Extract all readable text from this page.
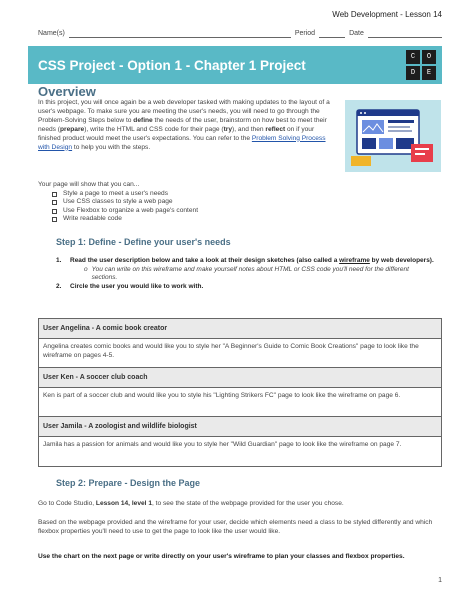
Web Development - Lesson 14
Name(s)	Period	Date
CSS Project - Option 1 - Chapter 1 Project
C	O
D	E
Overview

In this project, you will once again be a web developer tasked with making updates to the layout of a user's webpage. To make sure you are meeting the user's needs, you will need to go through the Problem-Solving Steps below to define the needs of the user, brainstorm on how best to meet their needs (prepare), write the HTML and CSS code for their page (try), and then reflect on if your finished product would meet the user's expectations. You can refer to the Problem Solving Process with Design to help you with the steps.

Your page will show that you can...
Style a page to meet a user's needs
Use CSS classes to style a web page
Use Flexbox to organize a web page's content
Write readable code
Step 1: Define - Define your user's needs
1.	Read the user description below and take a look at their design sketches (also called a wireframe by web developers).
o You can write on this wireframe and make yourself notes about HTML or CSS code you'll need for the different sections.
2.	Circle the user you would like to work with.
User Angelina - A comic book creator
Angelina creates comic books and would like you to style her "A Beginner's Guide to Comic Book Creations" page to look like the wireframe on pages 4-5.
User Ken - A soccer club coach
Ken is part of a soccer club and would like you to style his "Lighting Strikers FC" page to look like the wireframe on page 6.
User Jamila - A zoologist and wildlife biologist
Jamila has a passion for animals and would like you to style her "Wild Guardian" page to look like the wireframe on page 7.
Step 2: Prepare - Design the Page

Go to Code Studio, Lesson 14, level 1, to see the state of the webpage provided for the user you chose.

Based on the webpage provided and the wireframe for your user, decide which elements need a class to be styled differently and which flexbox properties you'll need to use to get the page to look like the user would like.

Use the chart on the next page or write directly on your user's wireframe to plan your classes and flexbox properties.

1
